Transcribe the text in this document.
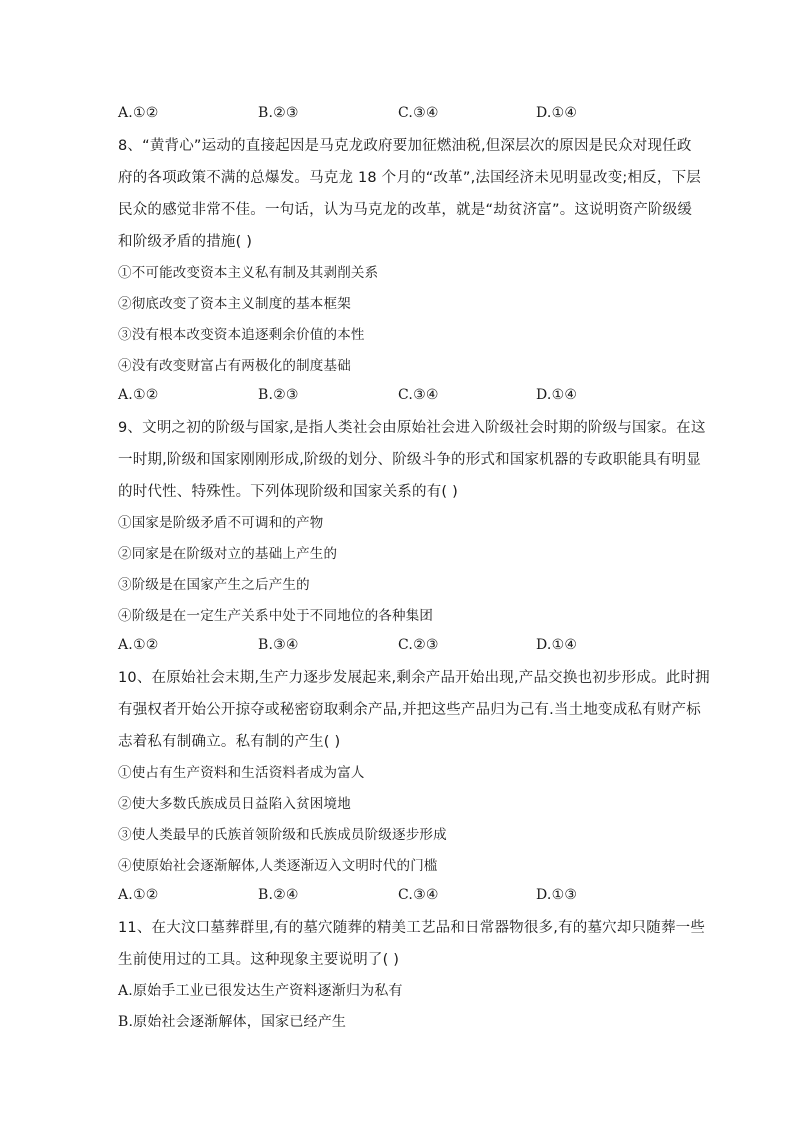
A.①②	B.②③	C.③④	D.①④
8、“黄背心”运动的直接起因是马克龙政府要加征燃油税,但深层次的原因是民众对现任政
府的各项政策不满的总爆发。马克龙 18 个月的“改革”,法国经济未见明显改变;相反，下层
民众的感觉非常不佳。一句话，认为马克龙的改革，就是“劫贫济富”。这说明资产阶级缓
和阶级矛盾的措施( )
①不可能改变资本主义私有制及其剥削关系
②彻底改变了资本主义制度的基本框架
③没有根本改变资本追逐剩余价值的本性
④没有改变财富占有两极化的制度基础
A.①②	B.②③	C.③④	D.①④
9、文明之初的阶级与国家,是指人类社会由原始社会进入阶级社会时期的阶级与国家。在这
一时期,阶级和国家刚刚形成,阶级的划分、阶级斗争的形式和国家机器的专政职能具有明显
的时代性、特殊性。下列体现阶级和国家关系的有( )
①国家是阶级矛盾不可调和的产物
②同家是在阶级对立的基础上产生的
③阶级是在国家产生之后产生的
④阶级是在一定生产关系中处于不同地位的各种集团
A.①②	B.③④	C.②③	D.①④
10、在原始社会末期,生产力逐步发展起来,剩余产品开始出现,产品交换也初步形成。此时拥
有强权者开始公开掠夺或秘密窃取剩余产品,并把这些产品归为己有.当土地变成私有财产标
志着私有制确立。私有制的产生( )
①使占有生产资料和生活资料者成为富人
②使大多数氏族成员日益陷入贫困境地
③使人类最早的氏族首领阶级和氏族成员阶级逐步形成
④使原始社会逐渐解体,人类逐渐迈入文明时代的门槛
A.①②	B.②④	C.③④	D.①③
11、在大汶口墓葬群里,有的墓穴随葬的精美工艺品和日常器物很多,有的墓穴却只随葬一些
生前使用过的工具。这种现象主要说明了( )
A.原始手工业已很发达生产资料逐渐归为私有
B.原始社会逐渐解体，国家已经产生
